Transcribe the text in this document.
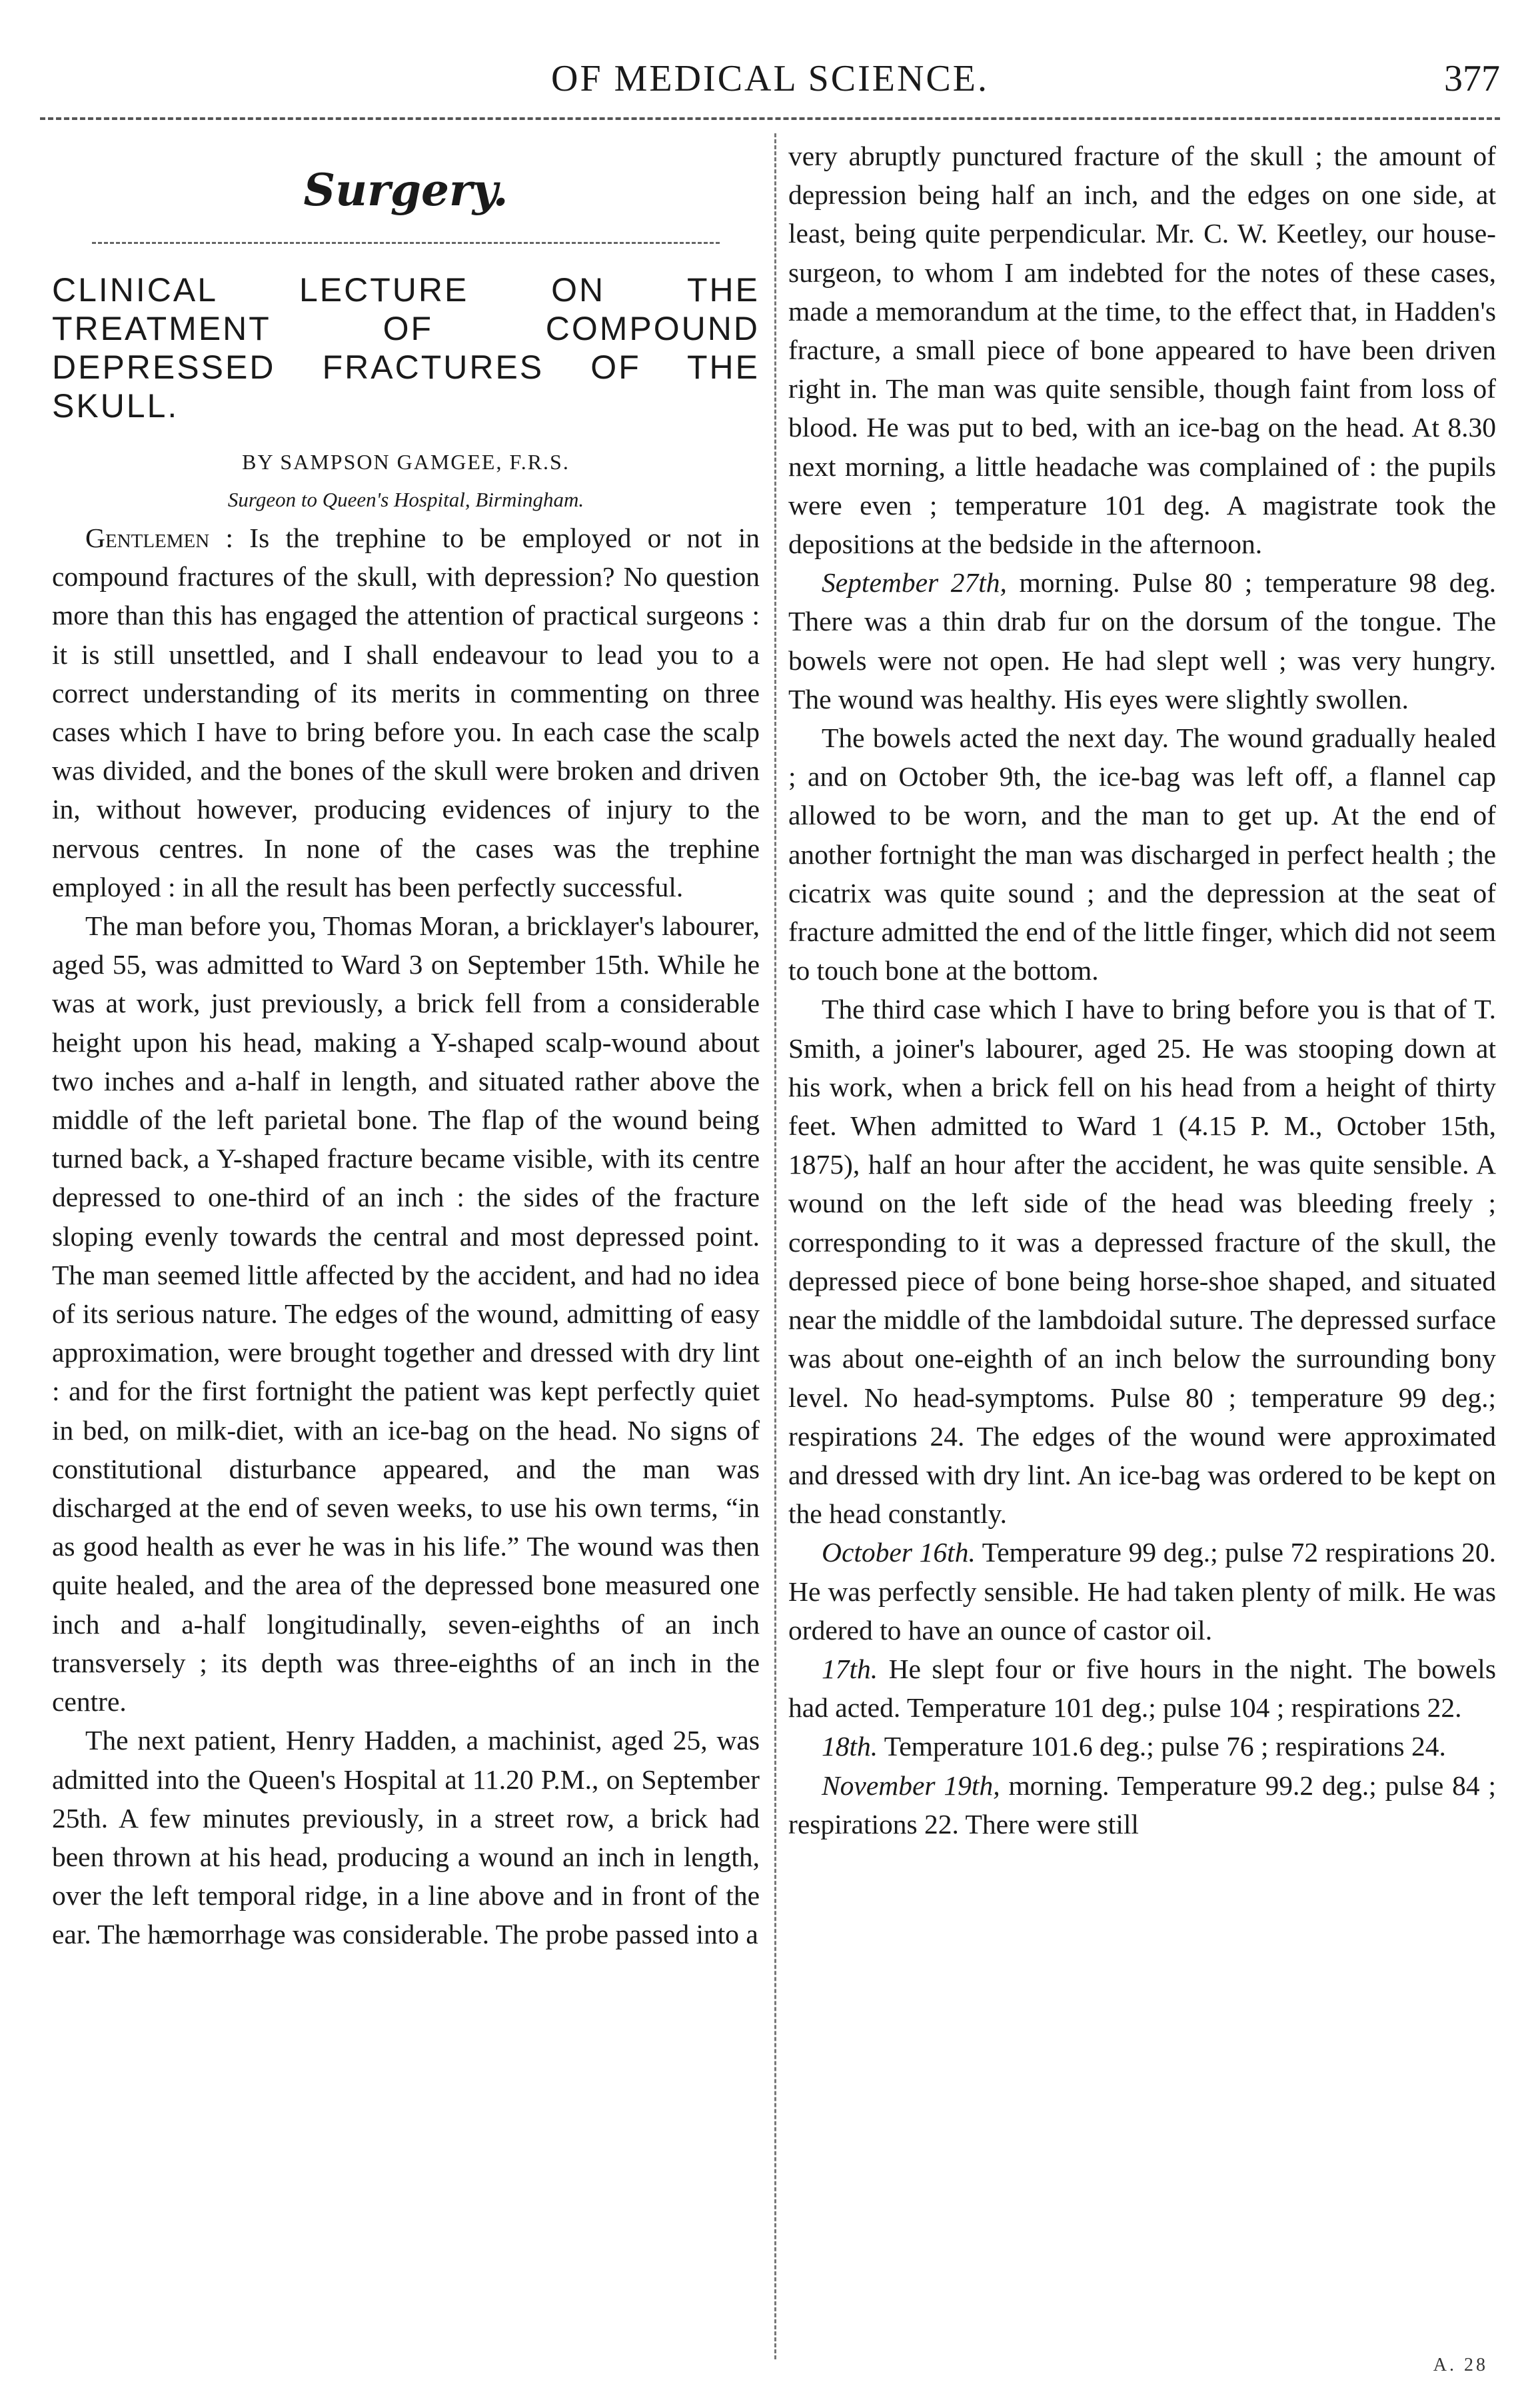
OF MEDICAL SCIENCE.	377
Surgery.
CLINICAL LECTURE ON THE TREATMENT OF COMPOUND DEPRESSED FRACTURES OF THE SKULL.

BY SAMPSON GAMGEE, F.R.S.

Surgeon to Queen's Hospital, Birmingham.

Gentlemen : Is the trephine to be employed or not in compound fractures of the skull, with depression? No question more than this has engaged the attention of practical surgeons : it is still unsettled, and I shall endeavour to lead you to a correct understanding of its merits in commenting on three cases which I have to bring before you. In each case the scalp was divided, and the bones of the skull were broken and driven in, without however, producing evidences of injury to the nervous centres. In none of the cases was the trephine employed : in all the result has been perfectly successful.

The man before you, Thomas Moran, a bricklayer's labourer, aged 55, was admitted to Ward 3 on September 15th. While he was at work, just previously, a brick fell from a considerable height upon his head, making a Y-shaped scalp-wound about two inches and a-half in length, and situated rather above the middle of the left parietal bone. The flap of the wound being turned back, a Y-shaped fracture became visible, with its centre depressed to one-third of an inch : the sides of the fracture sloping evenly towards the central and most depressed point. The man seemed little affected by the accident, and had no idea of its serious nature. The edges of the wound, admitting of easy approximation, were brought together and dressed with dry lint : and for the first fortnight the patient was kept perfectly quiet in bed, on milk-diet, with an ice-bag on the head. No signs of constitutional disturbance appeared, and the man was discharged at the end of seven weeks, to use his own terms, “in as good health as ever he was in his life.” The wound was then quite healed, and the area of the depressed bone measured one inch and a-half longitudinally, seven-eighths of an inch transversely ; its depth was three-eighths of an inch in the centre.

The next patient, Henry Hadden, a machinist, aged 25, was admitted into the Queen's Hospital at 11.20 P.M., on September 25th. A few minutes previously, in a street row, a brick had been thrown at his head, producing a wound an inch in length, over the left temporal ridge, in a line above and in front of the ear. The hæmorrhage was considerable. The probe passed into a

very abruptly punctured fracture of the skull ; the amount of depression being half an inch, and the edges on one side, at least, being quite perpendicular. Mr. C. W. Keetley, our house-surgeon, to whom I am indebted for the notes of these cases, made a memorandum at the time, to the effect that, in Hadden's fracture, a small piece of bone appeared to have been driven right in. The man was quite sensible, though faint from loss of blood. He was put to bed, with an ice-bag on the head. At 8.30 next morning, a little headache was complained of : the pupils were even ; temperature 101 deg. A magistrate took the depositions at the bedside in the afternoon.

September 27th, morning. Pulse 80 ; temperature 98 deg. There was a thin drab fur on the dorsum of the tongue. The bowels were not open. He had slept well ; was very hungry. The wound was healthy. His eyes were slightly swollen.

The bowels acted the next day. The wound gradually healed ; and on October 9th, the ice-bag was left off, a flannel cap allowed to be worn, and the man to get up. At the end of another fortnight the man was discharged in perfect health ; the cicatrix was quite sound ; and the depression at the seat of fracture admitted the end of the little finger, which did not seem to touch bone at the bottom.

The third case which I have to bring before you is that of T. Smith, a joiner's labourer, aged 25. He was stooping down at his work, when a brick fell on his head from a height of thirty feet. When admitted to Ward 1 (4.15 P. M., October 15th, 1875), half an hour after the accident, he was quite sensible. A wound on the left side of the head was bleeding freely ; corresponding to it was a depressed fracture of the skull, the depressed piece of bone being horse-shoe shaped, and situated near the middle of the lambdoidal suture. The depressed surface was about one-eighth of an inch below the surrounding bony level. No head-symptoms. Pulse 80 ; temperature 99 deg.; respirations 24. The edges of the wound were approximated and dressed with dry lint. An ice-bag was ordered to be kept on the head constantly.

October 16th. Temperature 99 deg.; pulse 72 respirations 20. He was perfectly sensible. He had taken plenty of milk. He was ordered to have an ounce of castor oil.

17th. He slept four or five hours in the night. The bowels had acted. Temperature 101 deg.; pulse 104 ; respirations 22.

18th. Temperature 101.6 deg.; pulse 76 ; respirations 24.

November 19th, morning. Temperature 99.2 deg.; pulse 84 ; respirations 22. There were still

A. 28
